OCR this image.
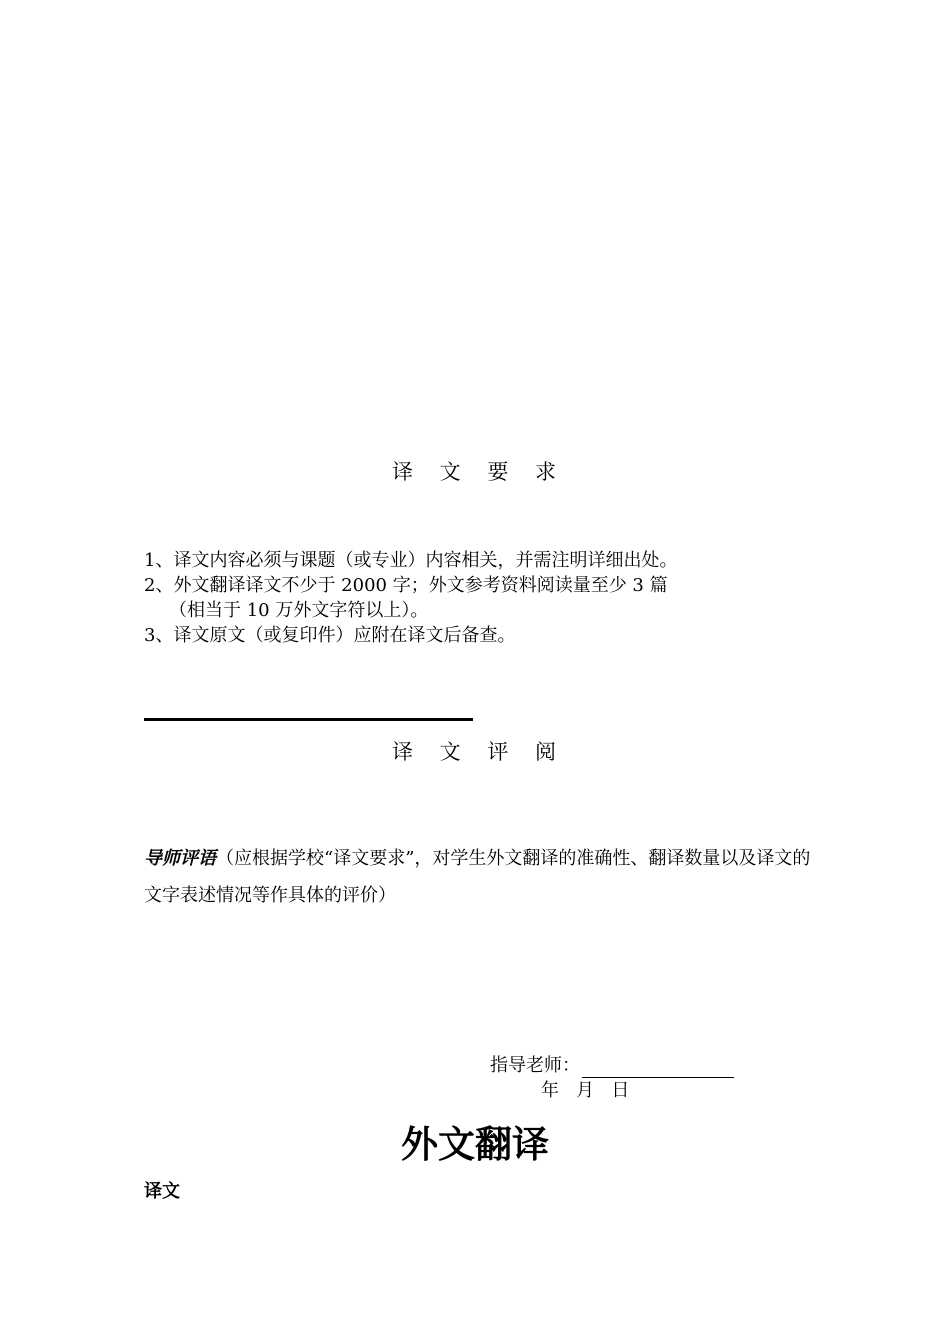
译 文 要 求
1、译文内容必须与课题（或专业）内容相关，并需注明详细出处。
2、外文翻译译文不少于 2000 字；外文参考资料阅读量至少 3 篇
（相当于 10 万外文字符以上）。
3、译文原文（或复印件）应附在译文后备查。
译 文 评 阅
导师评语（应根据学校“译文要求”，对学生外文翻译的准确性、翻译数量以及译文的文字表述情况等作具体的评价）
指导老师：
年   月   日
外文翻译
译文
